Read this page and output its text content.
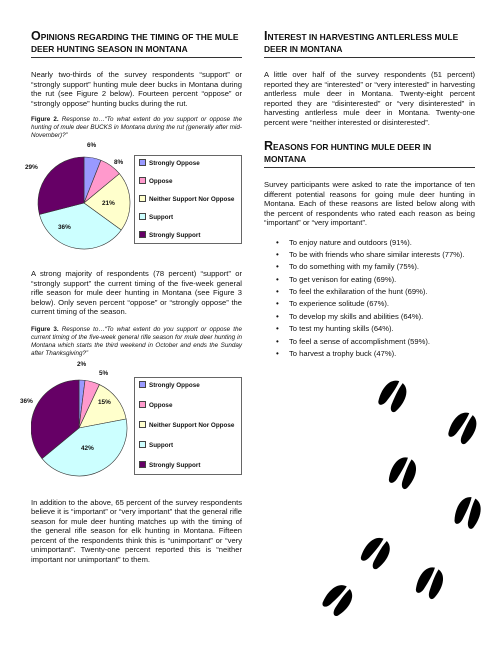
OPINIONS REGARDING THE TIMING OF THE MULE DEER HUNTING SEASON IN MONTANA

Nearly two-thirds of the survey respondents “support” or “strongly support” hunting mule deer bucks in Montana during the rut (see Figure 2 below). Fourteen percent “oppose” or “strongly oppose” hunting bucks during the rut.

Figure 2. Response to…“To what extent do you support or oppose the hunting of mule deer BUCKS in Montana during the rut (generally after mid-November)?”

Strongly Oppose
Oppose
Neither Support Nor Oppose
Support
Strongly Support
6%
8%
21%
36%
29%

A strong majority of respondents (78 percent) “support” or “strongly support” the current timing of the five-week general rifle season for mule deer hunting in Montana (see Figure 3 below). Only seven percent “oppose” or “strongly oppose” the current timing of the season.

Figure 3. Response to…“To what extent do you support or oppose the current timing of the five-week general rifle season for mule deer hunting in Montana which starts the third weekend in October and ends the Sunday after Thanksgiving?”

Strongly Oppose
Oppose
Neither Support Nor Oppose
Support
Strongly Support
2%
5%
15%
42%
36%

In addition to the above, 65 percent of the survey respondents believe it is “important” or “very important” that the general rifle season for mule deer hunting matches up with the timing of the general rifle season for elk hunting in Montana. Fifteen percent of the respondents think this is “unimportant” or “very unimportant”. Twenty-one percent reported this is “neither important nor unimportant” to them.

INTEREST IN HARVESTING ANTLERLESS MULE DEER IN MONTANA

A little over half of the survey respondents (51 percent) reported they are “interested” or “very interested” in harvesting antlerless mule deer in Montana. Twenty-eight percent reported they are “disinterested” or “very disinterested” in harvesting antlerless mule deer in Montana. Twenty-one percent were “neither interested or disinterested”.

REASONS FOR HUNTING MULE DEER IN MONTANA

Survey participants were asked to rate the importance of ten different potential reasons for going mule deer hunting in Montana. Each of these reasons are listed below along with the percent of respondents who rated each reason as being “important” or “very important”.

• To enjoy nature and outdoors (91%).
• To be with friends who share similar interests (77%).
• To do something with my family (75%).
• To get venison for eating (69%).
• To feel the exhilaration of the hunt (69%).
• To experience solitude (67%).
• To develop my skills and abilities (64%).
• To test my hunting skills (64%).
• To feel a sense of accomplishment (59%).
• To harvest a trophy buck (47%).
